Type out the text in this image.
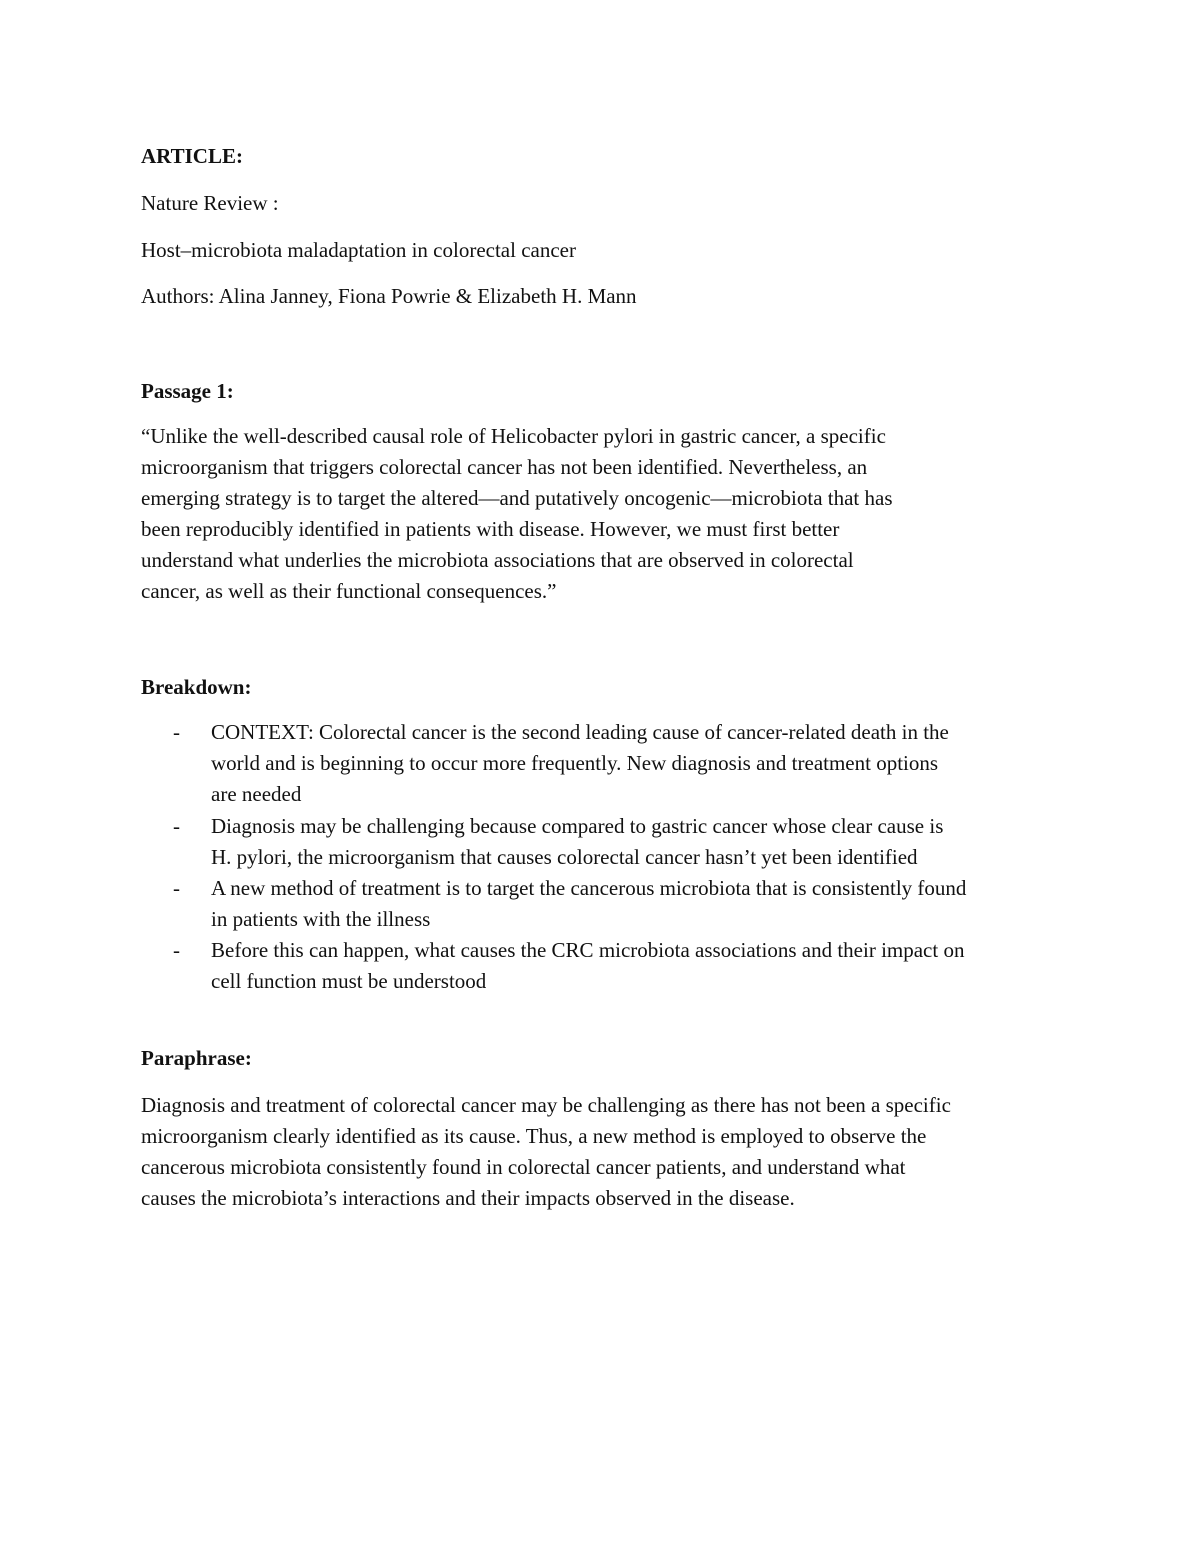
ARTICLE:

Nature Review :

Host–microbiota maladaptation in colorectal cancer

Authors: Alina Janney, Fiona Powrie & Elizabeth H. Mann

Passage 1:

“Unlike the well-described causal role of Helicobacter pylori in gastric cancer, a specific

microorganism that triggers colorectal cancer has not been identified. Nevertheless, an

emerging strategy is to target the altered—and putatively oncogenic—microbiota that has

been reproducibly identified in patients with disease. However, we must first better

understand what underlies the microbiota associations that are observed in colorectal

cancer, as well as their functional consequences.”

Breakdown:

- CONTEXT: Colorectal cancer is the second leading cause of cancer-related death in the

world and is beginning to occur more frequently. New diagnosis and treatment options

are needed

- Diagnosis may be challenging because compared to gastric cancer whose clear cause is

H. pylori, the microorganism that causes colorectal cancer hasn’t yet been identified

- A new method of treatment is to target the cancerous microbiota that is consistently found

in patients with the illness

- Before this can happen, what causes the CRC microbiota associations and their impact on

cell function must be understood

Paraphrase:

Diagnosis and treatment of colorectal cancer may be challenging as there has not been a specific

microorganism clearly identified as its cause. Thus, a new method is employed to observe the

cancerous microbiota consistently found in colorectal cancer patients, and understand what

causes the microbiota’s interactions and their impacts observed in the disease.
